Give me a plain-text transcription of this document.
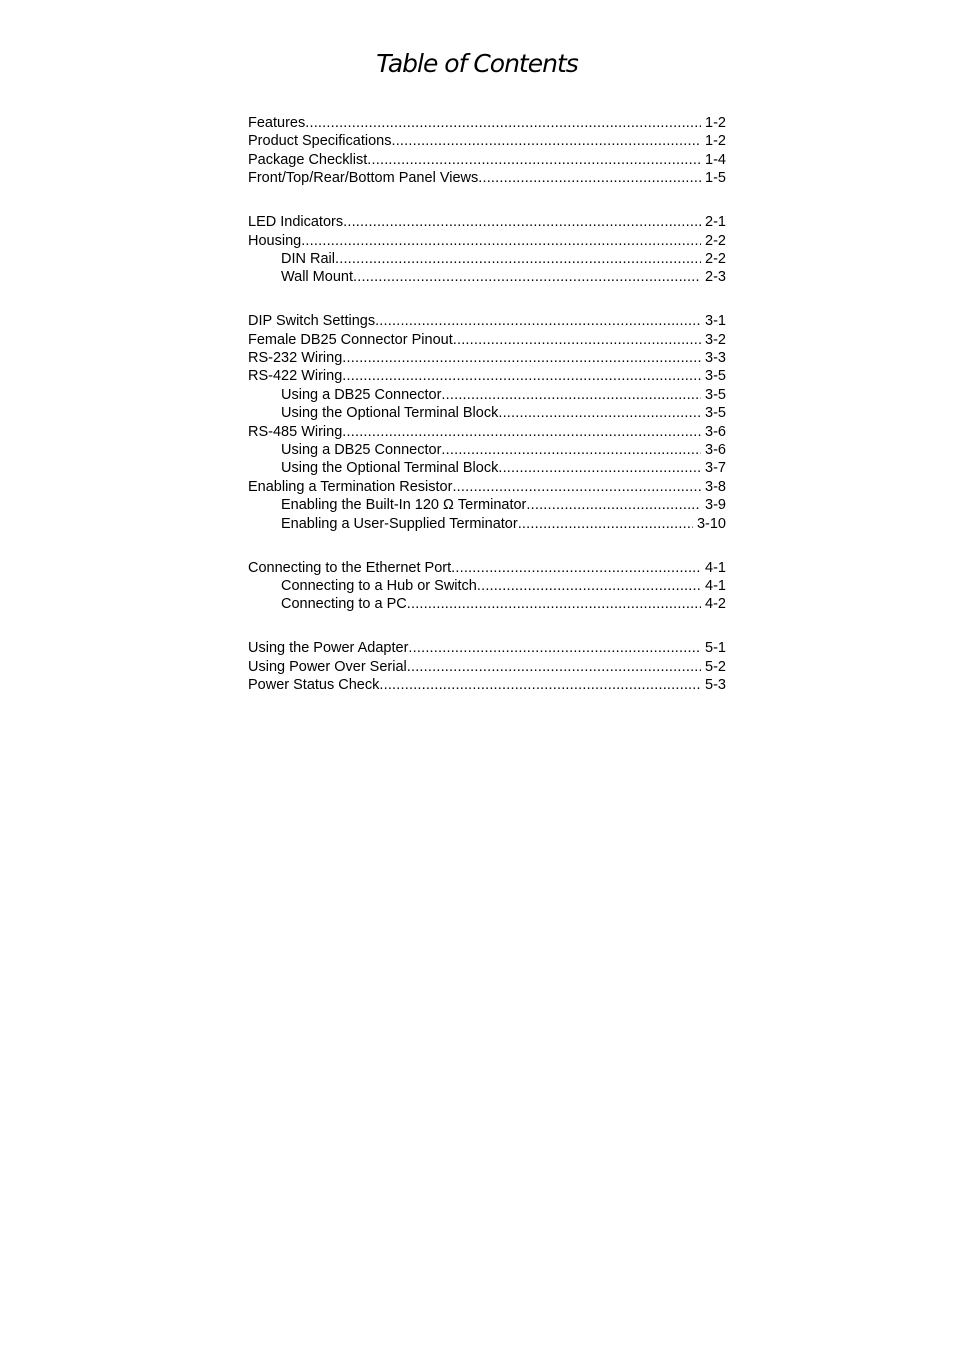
Table of Contents
Features .....	1-2
Product Specifications .....	1-2
Package Checklist .....	1-4
Front/Top/Rear/Bottom Panel Views .....	1-5
LED Indicators .....	2-1
Housing .....	2-2
DIN Rail .....	2-2
Wall Mount .....	2-3
DIP Switch Settings .....	3-1
Female DB25 Connector Pinout .....	3-2
RS-232 Wiring .....	3-3
RS-422 Wiring .....	3-5
Using a DB25 Connector .....	3-5
Using the Optional Terminal Block .....	3-5
RS-485 Wiring .....	3-6
Using a DB25 Connector .....	3-6
Using the Optional Terminal Block .....	3-7
Enabling a Termination Resistor .....	3-8
Enabling the Built-In 120 Ω Terminator .....	3-9
Enabling a User-Supplied Terminator .....	3-10
Connecting to the Ethernet Port .....	4-1
Connecting to a Hub or Switch .....	4-1
Connecting to a PC .....	4-2
Using the Power Adapter .....	5-1
Using Power Over Serial .....	5-2
Power Status Check .....	5-3
